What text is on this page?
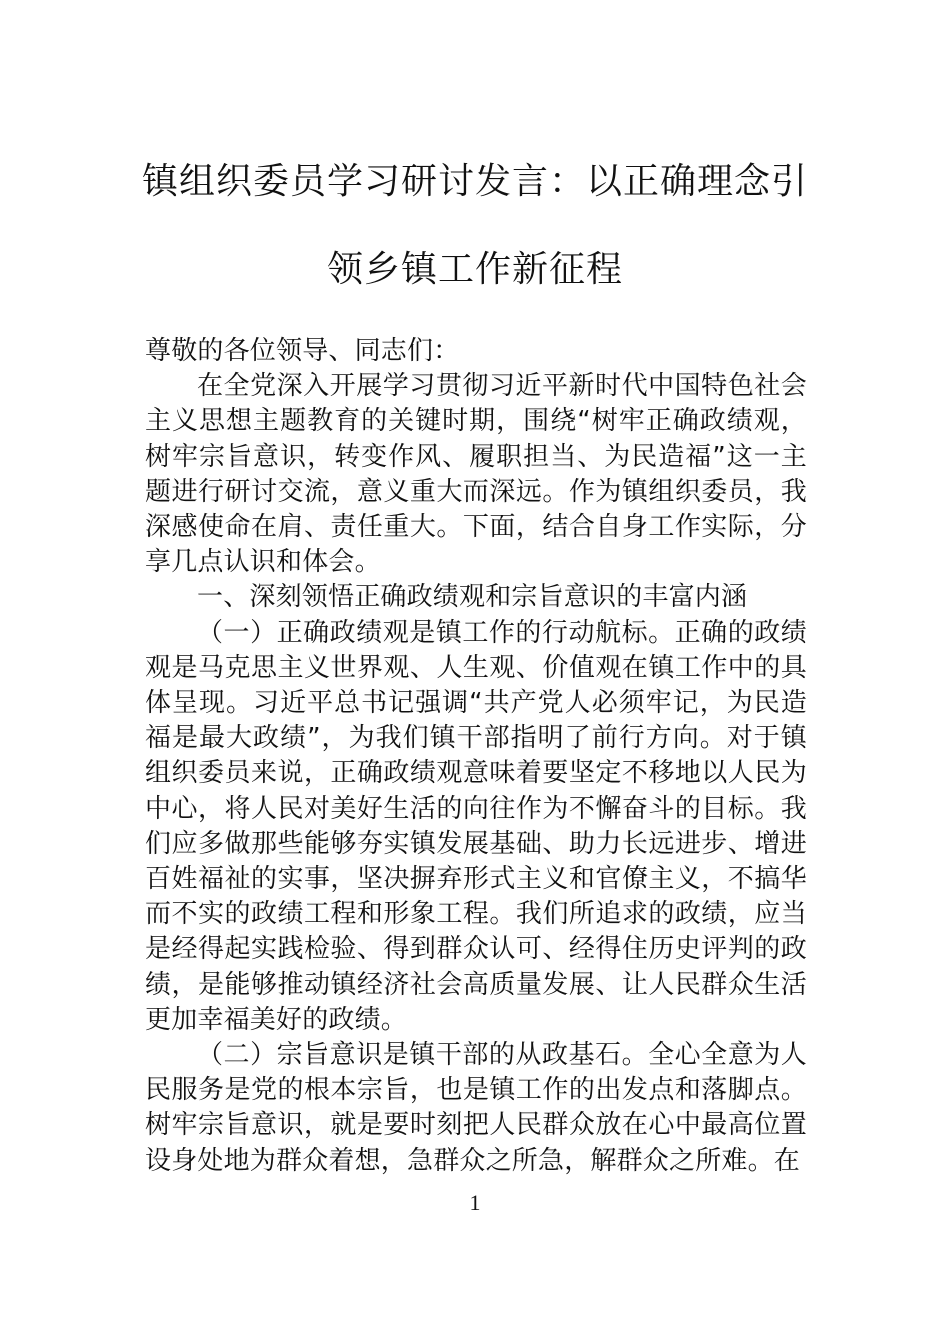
镇组织委员学习研讨发言：以正确理念引领乡镇工作新征程

尊敬的各位领导、同志们：

在全党深入开展学习贯彻习近平新时代中国特色社会主义思想主题教育的关键时期，围绕“树牢正确政绩观，树牢宗旨意识，转变作风、履职担当、为民造福”这一主题进行研讨交流，意义重大而深远。作为镇组织委员，我深感使命在肩、责任重大。下面，结合自身工作实际，分享几点认识和体会。

一、深刻领悟正确政绩观和宗旨意识的丰富内涵

（一）正确政绩观是镇工作的行动航标。正确的政绩观是马克思主义世界观、人生观、价值观在镇工作中的具体呈现。习近平总书记强调“共产党人必须牢记，为民造福是最大政绩”，为我们镇干部指明了前行方向。对于镇组织委员来说，正确政绩观意味着要坚定不移地以人民为中心，将人民对美好生活的向往作为不懈奋斗的目标。我们应多做那些能够夯实镇发展基础、助力长远进步、增进百姓福祉的实事，坚决摒弃形式主义和官僚主义，不搞华而不实的政绩工程和形象工程。我们所追求的政绩，应当是经得起实践检验、得到群众认可、经得住历史评判的政绩，是能够推动镇经济社会高质量发展、让人民群众生活更加幸福美好的政绩。

（二）宗旨意识是镇干部的从政基石。全心全意为人民服务是党的根本宗旨，也是镇工作的出发点和落脚点。树牢宗旨意识，就是要时刻把人民群众放在心中最高位置设身处地为群众着想，急群众之所急，解群众之所难。在

1
